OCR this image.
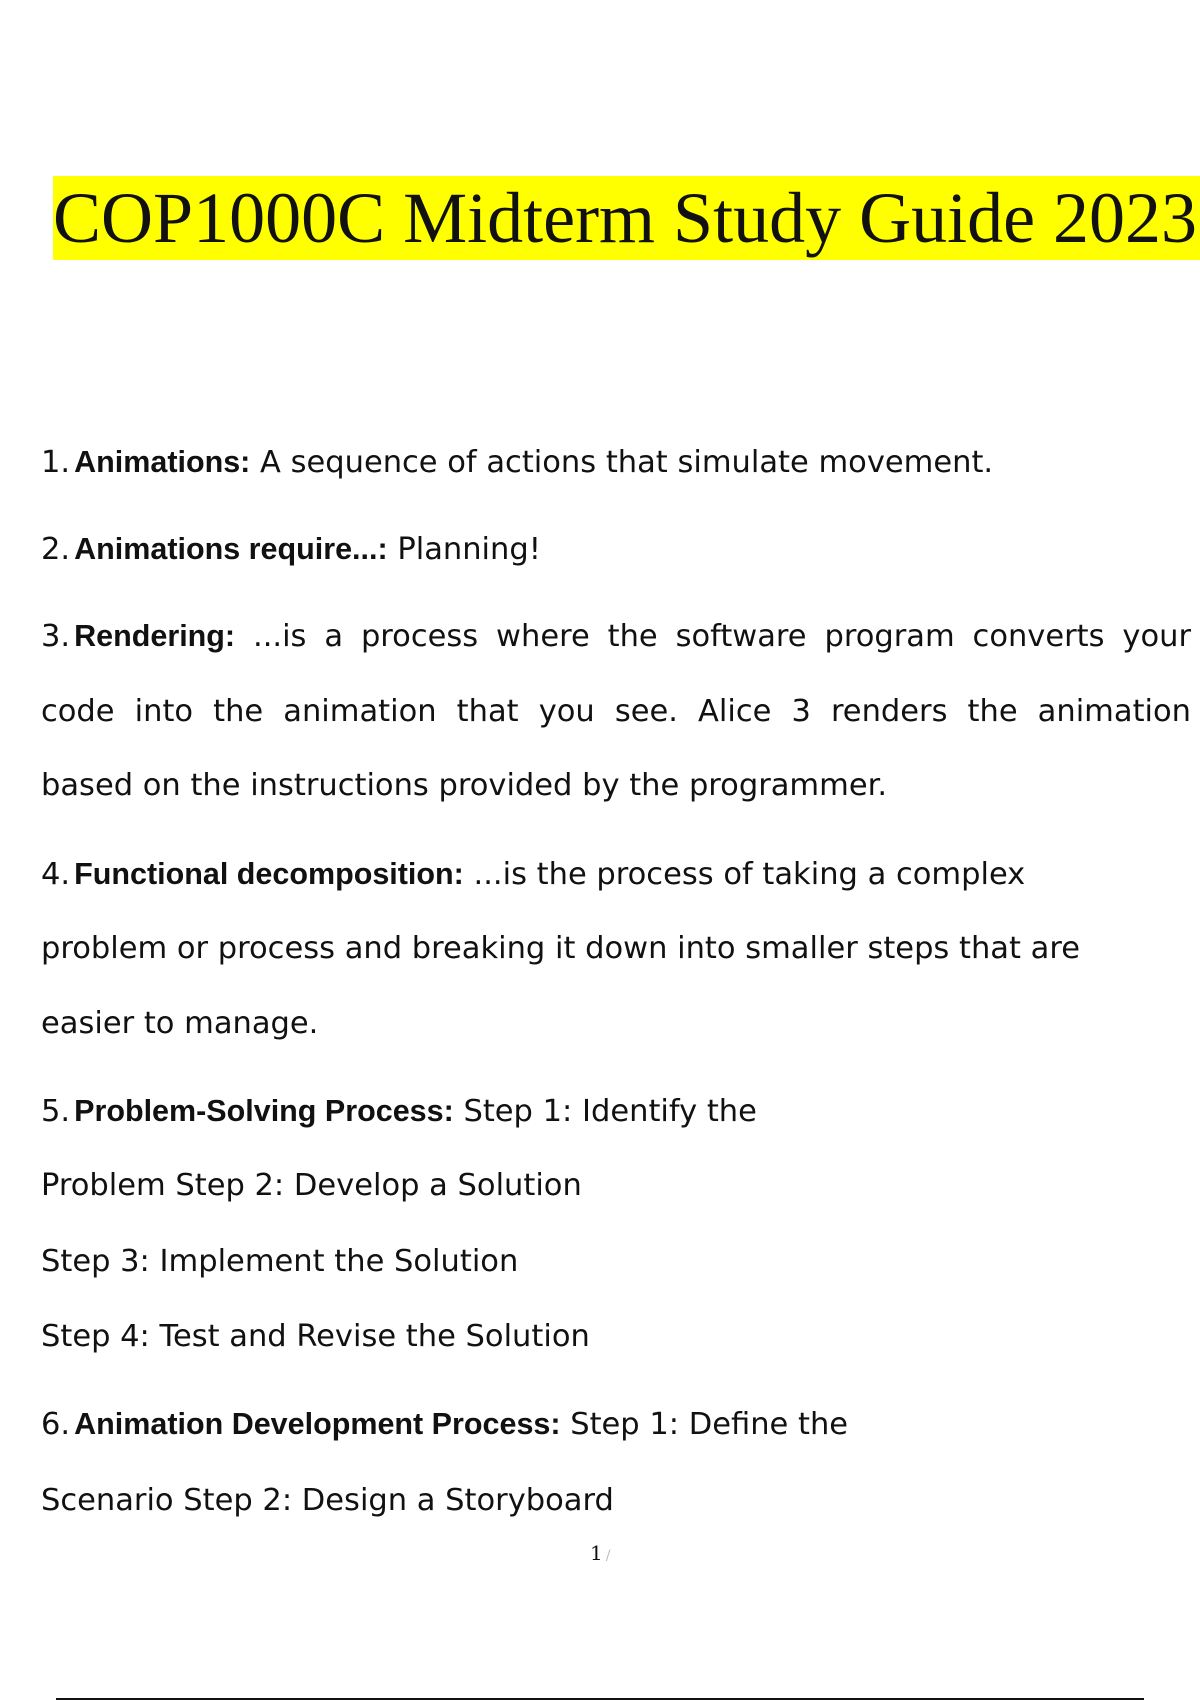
COP1000C Midterm Study Guide 2023

1. Animations: A sequence of actions that simulate movement.

2. Animations require...: Planning!

3. Rendering: ...is a process where the software program converts your

code into the animation that you see. Alice 3 renders the animation

based on the instructions provided by the programmer.

4. Functional decomposition: ...is the process of taking a complex

problem or process and breaking it down into smaller steps that are

easier to manage.

5. Problem-Solving Process: Step 1: Identify the

Problem Step 2: Develop a Solution

Step 3: Implement the Solution

Step 4: Test and Revise the Solution

6. Animation Development Process: Step 1: Define the

Scenario Step 2: Design a Storyboard

1 /
